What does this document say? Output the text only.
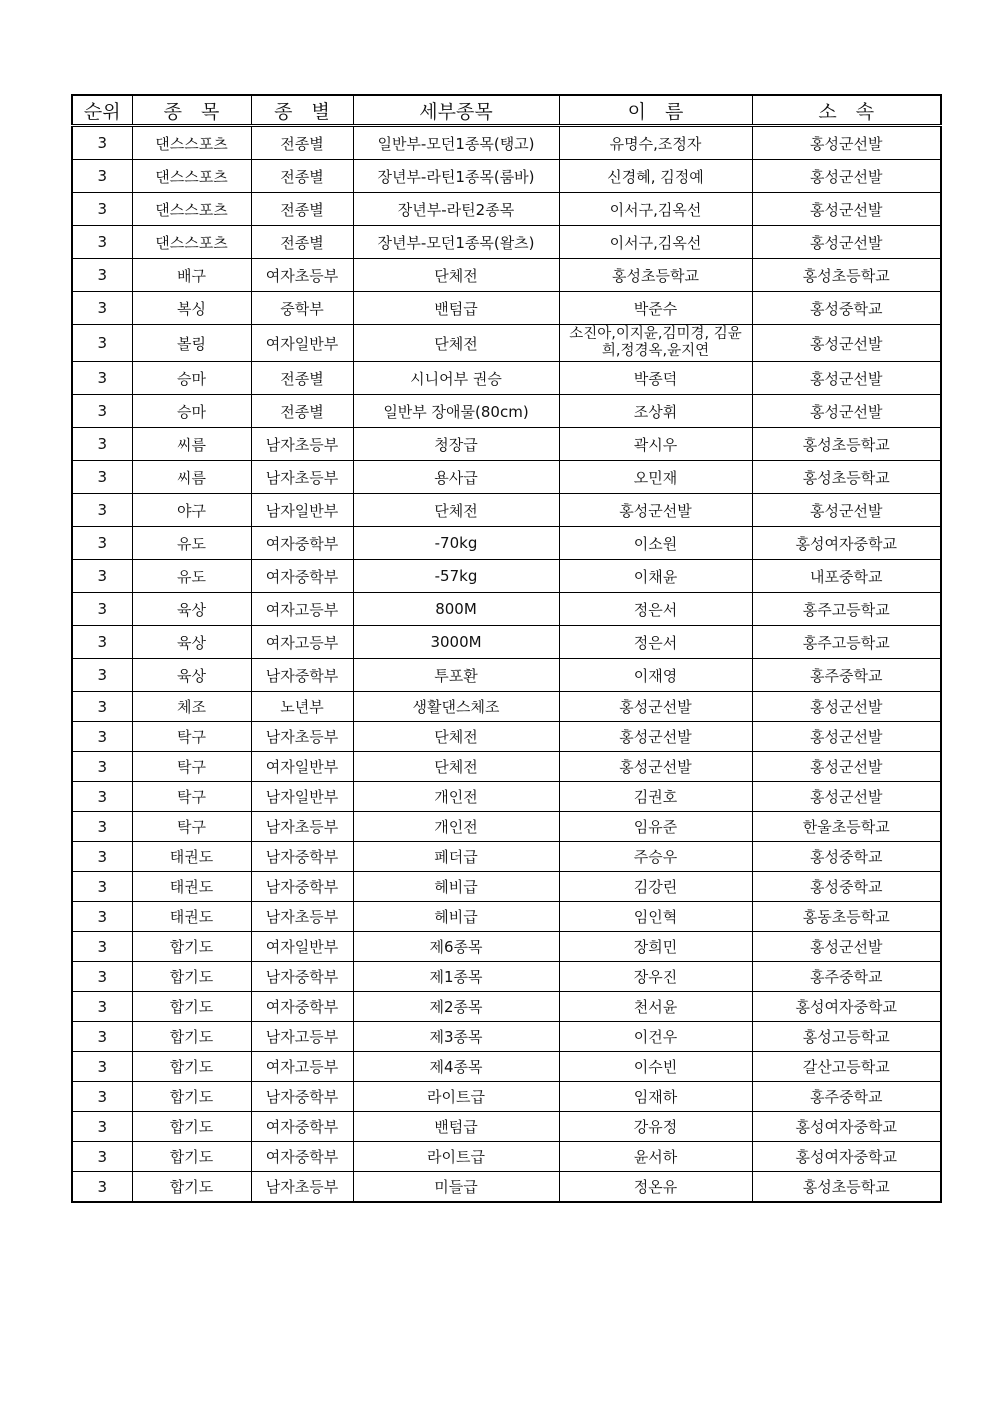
순위	종　목	종　별	세부종목	이　름	소　속
3	댄스스포츠	전종별	일반부-모던1종목(탱고)	유명수,조정자	홍성군선발
3	댄스스포츠	전종별	장년부-라틴1종목(룸바)	신경혜, 김정예	홍성군선발
3	댄스스포츠	전종별	장년부-라틴2종목	이서구,김옥선	홍성군선발
3	댄스스포츠	전종별	장년부-모던1종목(왈츠)	이서구,김옥선	홍성군선발
3	배구	여자초등부	단체전	홍성초등학교	홍성초등학교
3	복싱	중학부	밴텀급	박준수	홍성중학교
3	볼링	여자일반부	단체전	소진아,이지윤,김미경, 김윤희,정경옥,윤지연	홍성군선발
3	승마	전종별	시니어부 권승	박종덕	홍성군선발
3	승마	전종별	일반부 장애물(80cm)	조상휘	홍성군선발
3	씨름	남자초등부	청장급	곽시우	홍성초등학교
3	씨름	남자초등부	용사급	오민재	홍성초등학교
3	야구	남자일반부	단체전	홍성군선발	홍성군선발
3	유도	여자중학부	-70kg	이소원	홍성여자중학교
3	유도	여자중학부	-57kg	이채윤	내포중학교
3	육상	여자고등부	800M	정은서	홍주고등학교
3	육상	여자고등부	3000M	정은서	홍주고등학교
3	육상	남자중학부	투포환	이재영	홍주중학교
3	체조	노년부	생활댄스체조	홍성군선발	홍성군선발
3	탁구	남자초등부	단체전	홍성군선발	홍성군선발
3	탁구	여자일반부	단체전	홍성군선발	홍성군선발
3	탁구	남자일반부	개인전	김권호	홍성군선발
3	탁구	남자초등부	개인전	임유준	한울초등학교
3	태권도	남자중학부	페더급	주승우	홍성중학교
3	태권도	남자중학부	헤비급	김강린	홍성중학교
3	태권도	남자초등부	헤비급	임인혁	홍동초등학교
3	합기도	여자일반부	제6종목	장희민	홍성군선발
3	합기도	남자중학부	제1종목	장우진	홍주중학교
3	합기도	여자중학부	제2종목	천서윤	홍성여자중학교
3	합기도	남자고등부	제3종목	이건우	홍성고등학교
3	합기도	여자고등부	제4종목	이수빈	갈산고등학교
3	합기도	남자중학부	라이트급	임재하	홍주중학교
3	합기도	여자중학부	밴텀급	강유정	홍성여자중학교
3	합기도	여자중학부	라이트급	윤서하	홍성여자중학교
3	합기도	남자초등부	미들급	정온유	홍성초등학교
